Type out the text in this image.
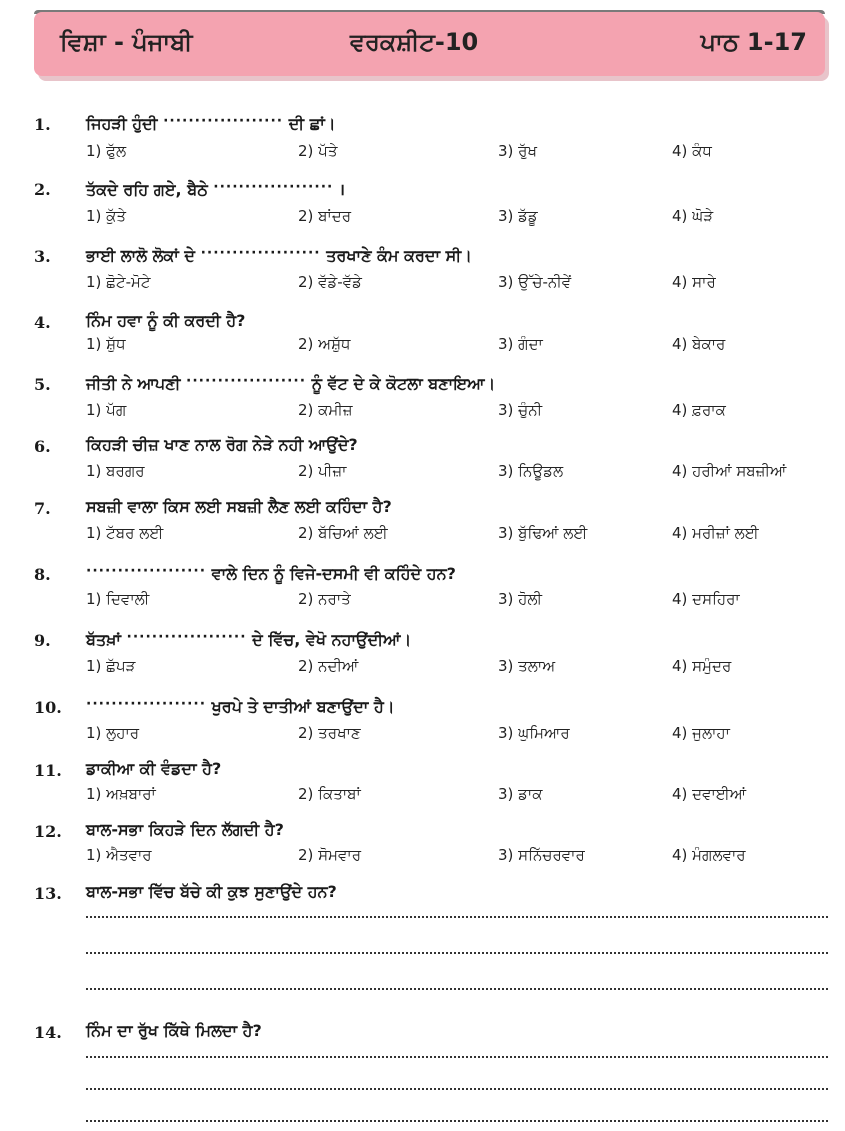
ਵਿਸ਼ਾ - ਪੰਜਾਬੀ	ਵਰਕਸ਼ੀਟ-10	ਪਾਠ 1-17
1. ਜਿਹੜੀ ਹੁੰਦੀ ··················· ਦੀ ਛਾਂ।
1) ਫੁੱਲ	2) ਪੱਤੇ	3) ਰੁੱਖ	4) ਕੰਧ
2. ਤੱਕਦੇ ਰਹਿ ਗਏ, ਬੈਠੇ ··················· ।
1) ਕੁੱਤੇ	2) ਬਾਂਦਰ	3) ਡੱਡੂ	4) ਘੋੜੇ
3. ਭਾਈ ਲਾਲੋ ਲੋਕਾਂ ਦੇ ··················· ਤਰਖਾਣੇ ਕੰਮ ਕਰਦਾ ਸੀ।
1) ਛੋਟੇ-ਮੋਟੇ	2) ਵੱਡੇ-ਵੱਡੇ	3) ਉੱਚੇ-ਨੀਵੇਂ	4) ਸਾਰੇ
4. ਨਿੰਮ ਹਵਾ ਨੂੰ ਕੀ ਕਰਦੀ ਹੈ?
1) ਸ਼ੁੱਧ	2) ਅਸ਼ੁੱਧ	3) ਗੰਦਾ	4) ਬੇਕਾਰ
5. ਜੀਤੀ ਨੇ ਆਪਣੀ ··················· ਨੂੰ ਵੱਟ ਦੇ ਕੇ ਕੋਟਲਾ ਬਣਾਇਆ।
1) ਪੱਗ	2) ਕਮੀਜ਼	3) ਚੁੰਨੀ	4) ਫ਼ਰਾਕ
6. ਕਿਹੜੀ ਚੀਜ਼ ਖਾਣ ਨਾਲ ਰੋਗ ਨੇੜੇ ਨਹੀ ਆਉਂਦੇ?
1) ਬਰਗਰ	2) ਪੀਜ਼ਾ	3) ਨਿਊਡਲ	4) ਹਰੀਆਂ ਸਬਜ਼ੀਆਂ
7. ਸਬਜ਼ੀ ਵਾਲਾ ਕਿਸ ਲਈ ਸਬਜ਼ੀ ਲੈਣ ਲਈ ਕਹਿੰਦਾ ਹੈ?
1) ਟੱਬਰ ਲਈ	2) ਬੱਚਿਆਂ ਲਈ	3) ਬੁੱਢਿਆਂ ਲਈ	4) ਮਰੀਜ਼ਾਂ ਲਈ
8.	··················· ਵਾਲੇ ਦਿਨ ਨੂੰ ਵਿਜੇ-ਦਸਮੀ ਵੀ ਕਹਿੰਦੇ ਹਨ?
1) ਦਿਵਾਲੀ	2) ਨਰਾਤੇ	3) ਹੋਲੀ	4) ਦਸਹਿਰਾ
9. ਬੱਤਖ਼ਾਂ ··················· ਦੇ ਵਿੱਚ, ਵੇਖੋ ਨਹਾਉਂਦੀਆਂ।
1) ਛੱਪੜ	2) ਨਦੀਆਂ	3) ਤਲਾਅ	4) ਸਮੁੰਦਰ
10. ··················· ਖੁਰਪੇ ਤੇ ਦਾਤੀਆਂ ਬਣਾਉਂਦਾ ਹੈ।
1) ਲੁਹਾਰ	2) ਤਰਖਾਣ	3) ਘੁਮਿਆਰ	4) ਜੁਲਾਹਾ
11. ਡਾਕੀਆ ਕੀ ਵੰਡਦਾ ਹੈ?
1) ਅਖ਼ਬਾਰਾਂ	2) ਕਿਤਾਬਾਂ	3) ਡਾਕ	4) ਦਵਾਈਆਂ
12. ਬਾਲ-ਸਭਾ ਕਿਹੜੇ ਦਿਨ ਲੱਗਦੀ ਹੈ?
1) ਐਤਵਾਰ	2) ਸੋਮਵਾਰ	3) ਸਨਿੱਚਰਵਾਰ	4) ਮੰਗਲਵਾਰ
13. ਬਾਲ-ਸਭਾ ਵਿੱਚ ਬੱਚੇ ਕੀ ਕੁਝ ਸੁਣਾਉਂਦੇ ਹਨ?
14. ਨਿੰਮ ਦਾ ਰੁੱਖ ਕਿੱਥੇ ਮਿਲਦਾ ਹੈ?
